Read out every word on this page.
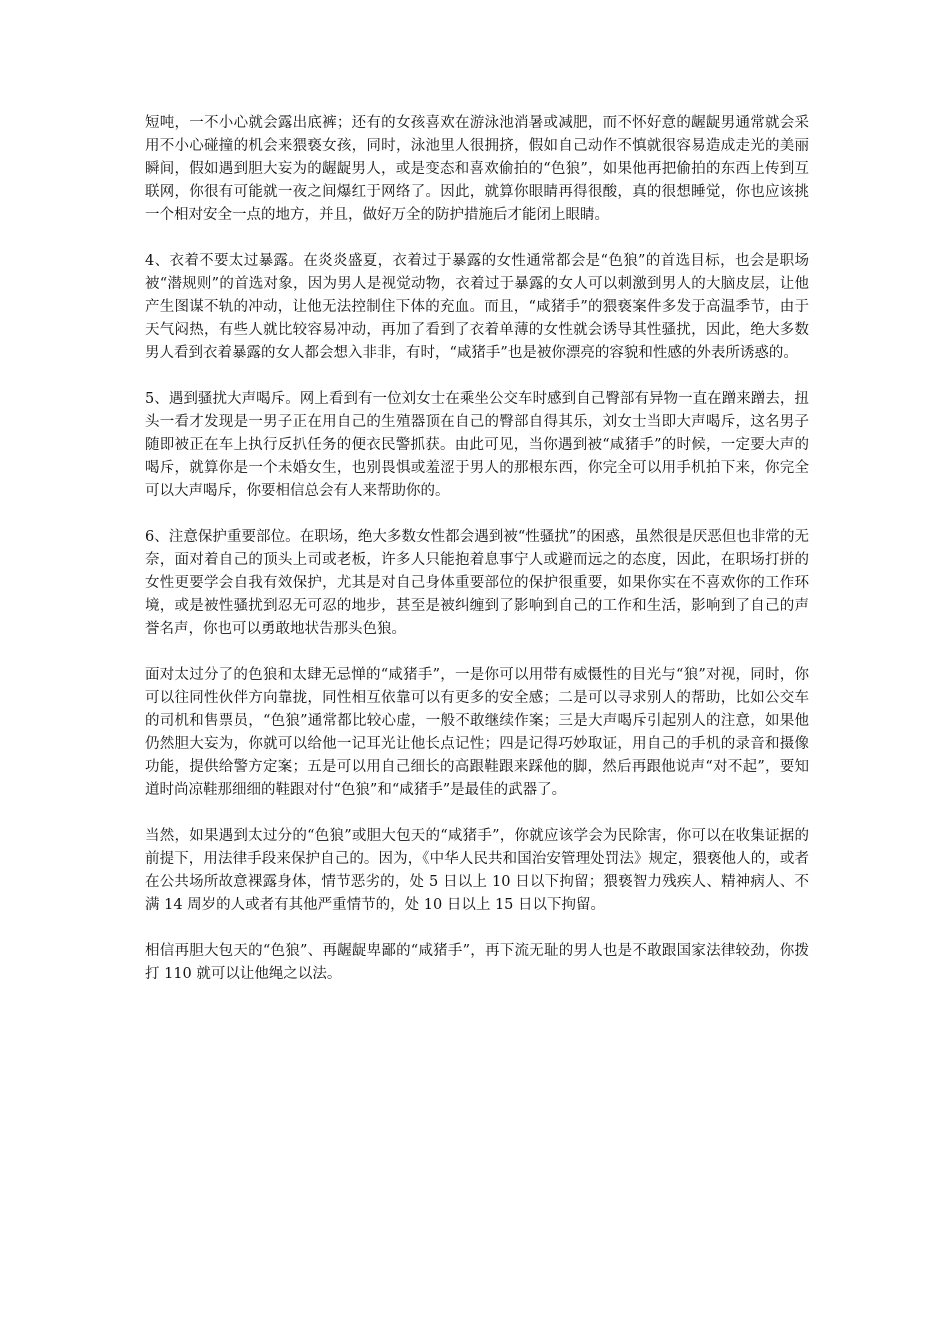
短吨，一不小心就会露出底裤；还有的女孩喜欢在游泳池消暑或减肥，而不怀好意的龌龊男通常就会采用不小心碰撞的机会来猥亵女孩，同时，泳池里人很拥挤，假如自己动作不慎就很容易造成走光的美丽瞬间，假如遇到胆大妄为的龌龊男人，或是变态和喜欢偷拍的“色狼”，如果他再把偷拍的东西上传到互联网，你很有可能就一夜之间爆红于网络了。因此，就算你眼睛再得很酸，真的很想睡觉，你也应该挑一个相对安全一点的地方，并且，做好万全的防护措施后才能闭上眼睛。

4、衣着不要太过暴露。在炎炎盛夏，衣着过于暴露的女性通常都会是“色狼”的首选目标，也会是职场被“潜规则”的首选对象，因为男人是视觉动物，衣着过于暴露的女人可以刺激到男人的大脑皮层，让他产生图谋不轨的冲动，让他无法控制住下体的充血。而且，“咸猪手”的猥亵案件多发于高温季节，由于天气闷热，有些人就比较容易冲动，再加了看到了衣着单薄的女性就会诱导其性骚扰，因此，绝大多数男人看到衣着暴露的女人都会想入非非，有时，“咸猪手”也是被你漂亮的容貌和性感的外表所诱惑的。

5、遇到骚扰大声喝斥。网上看到有一位刘女士在乘坐公交车时感到自己臀部有异物一直在蹭来蹭去，扭头一看才发现是一男子正在用自己的生殖器顶在自己的臀部自得其乐，刘女士当即大声喝斥，这名男子随即被正在车上执行反扒任务的便衣民警抓获。由此可见，当你遇到被“咸猪手”的时候，一定要大声的喝斥，就算你是一个未婚女生，也别畏惧或羞涩于男人的那根东西，你完全可以用手机拍下来，你完全可以大声喝斥，你要相信总会有人来帮助你的。

6、注意保护重要部位。在职场，绝大多数女性都会遇到被“性骚扰”的困惑，虽然很是厌恶但也非常的无奈，面对着自己的顶头上司或老板，许多人只能抱着息事宁人或避而远之的态度，因此，在职场打拼的女性更要学会自我有效保护，尤其是对自己身体重要部位的保护很重要，如果你实在不喜欢你的工作环境，或是被性骚扰到忍无可忍的地步，甚至是被纠缠到了影响到自己的工作和生活，影响到了自己的声誉名声，你也可以勇敢地状告那头色狼。

面对太过分了的色狼和太肆无忌惮的“咸猪手”，一是你可以用带有威慑性的目光与“狼”对视，同时，你可以往同性伙伴方向靠拢，同性相互依靠可以有更多的安全感；二是可以寻求别人的帮助，比如公交车的司机和售票员，“色狼”通常都比较心虚，一般不敢继续作案；三是大声喝斥引起别人的注意，如果他仍然胆大妄为，你就可以给他一记耳光让他长点记性；四是记得巧妙取证，用自己的手机的录音和摄像功能，提供给警方定案；五是可以用自己细长的高跟鞋跟来踩他的脚，然后再跟他说声“对不起”，要知道时尚凉鞋那细细的鞋跟对付“色狼”和“咸猪手”是最佳的武器了。

当然，如果遇到太过分的“色狼”或胆大包天的“咸猪手”，你就应该学会为民除害，你可以在收集证据的前提下，用法律手段来保护自己的。因为，《中华人民共和国治安管理处罚法》规定，猥亵他人的，或者在公共场所故意裸露身体，情节恶劣的，处 5 日以上 10 日以下拘留；猥亵智力残疾人、精神病人、不满 14 周岁的人或者有其他严重情节的，处 10 日以上 15 日以下拘留。

相信再胆大包天的“色狼”、再龌龊卑鄙的“咸猪手”，再下流无耻的男人也是不敢跟国家法律较劲，你拨打 110 就可以让他绳之以法。
